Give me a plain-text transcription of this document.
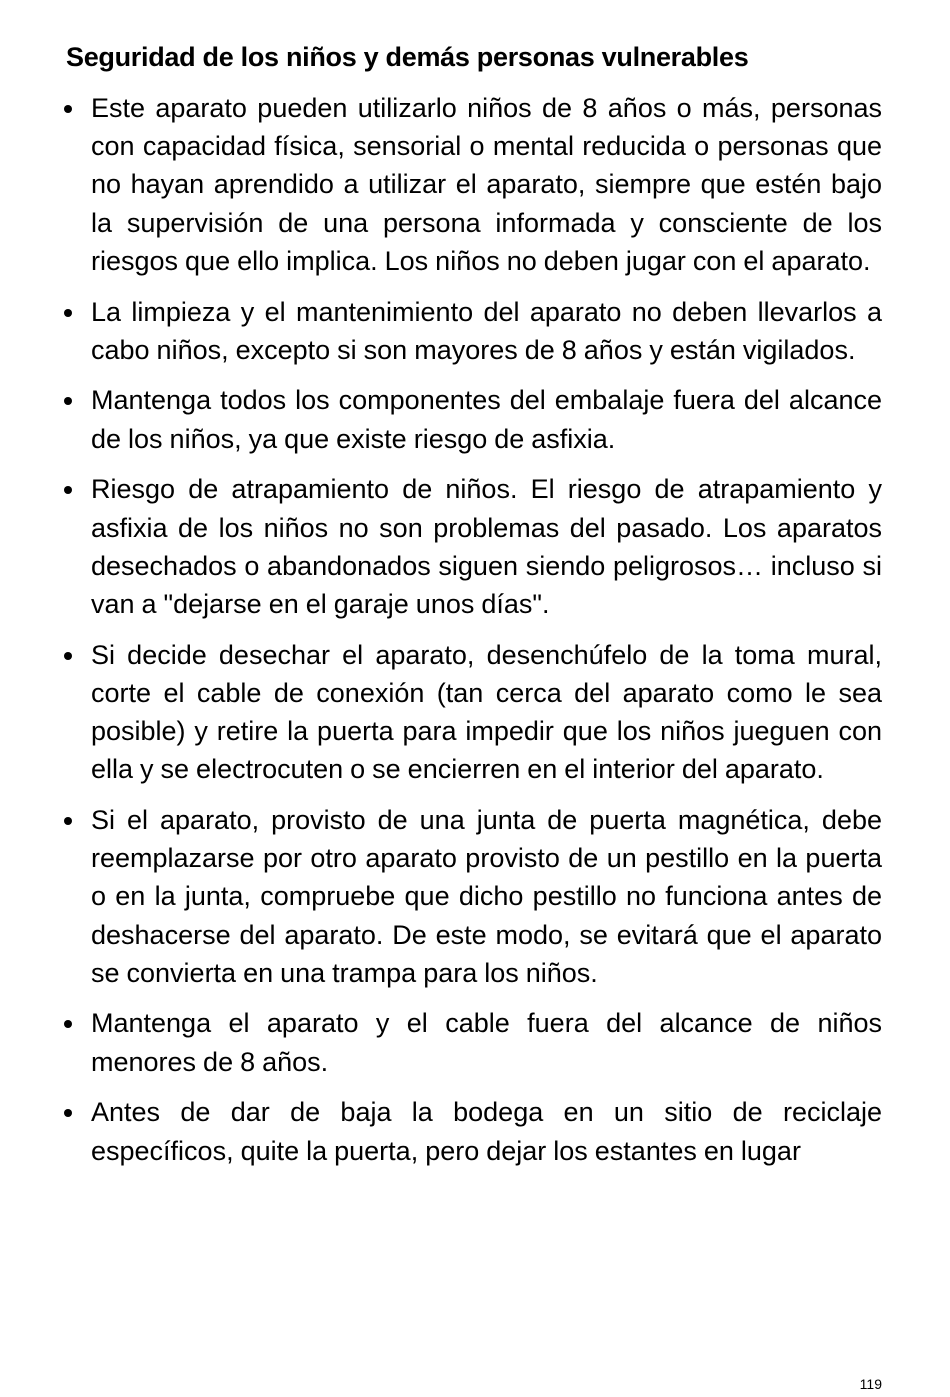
Seguridad de los niños y demás personas vulnerables
Este aparato pueden utilizarlo niños de 8 años o más, personas con capacidad física, sensorial o mental reducida o personas que no hayan aprendido a utilizar el aparato, siempre que estén bajo la supervisión de una persona informada y consciente de los riesgos que ello implica. Los niños no deben jugar con el aparato.
La limpieza y el mantenimiento del aparato no deben llevarlos a cabo niños, excepto si son mayores de 8 años y están vigilados.
Mantenga todos los componentes del embalaje fuera del alcance de los niños, ya que existe riesgo de asfixia.
Riesgo de atrapamiento de niños. El riesgo de atrapamiento y asfixia de los niños no son problemas del pasado. Los aparatos desechados o abandonados siguen siendo peligrosos… incluso si van a "dejarse en el garaje unos días".
Si decide desechar el aparato, desenchúfelo de la toma mural, corte el cable de conexión (tan cerca del aparato como le sea posible) y retire la puerta para impedir que los niños jueguen con ella y se electrocuten o se encierren en el interior del aparato.
Si el aparato, provisto de una junta de puerta magnética, debe reemplazarse por otro aparato provisto de un pestillo en la puerta o en la junta, compruebe que dicho pestillo no funciona antes de deshacerse del aparato. De este modo, se evitará que el aparato se convierta en una trampa para los niños.
Mantenga el aparato y el cable fuera del alcance de niños menores de 8 años.
Antes de dar de baja la bodega en un sitio de reciclaje específicos, quite la puerta, pero dejar los estantes en lugar
119
